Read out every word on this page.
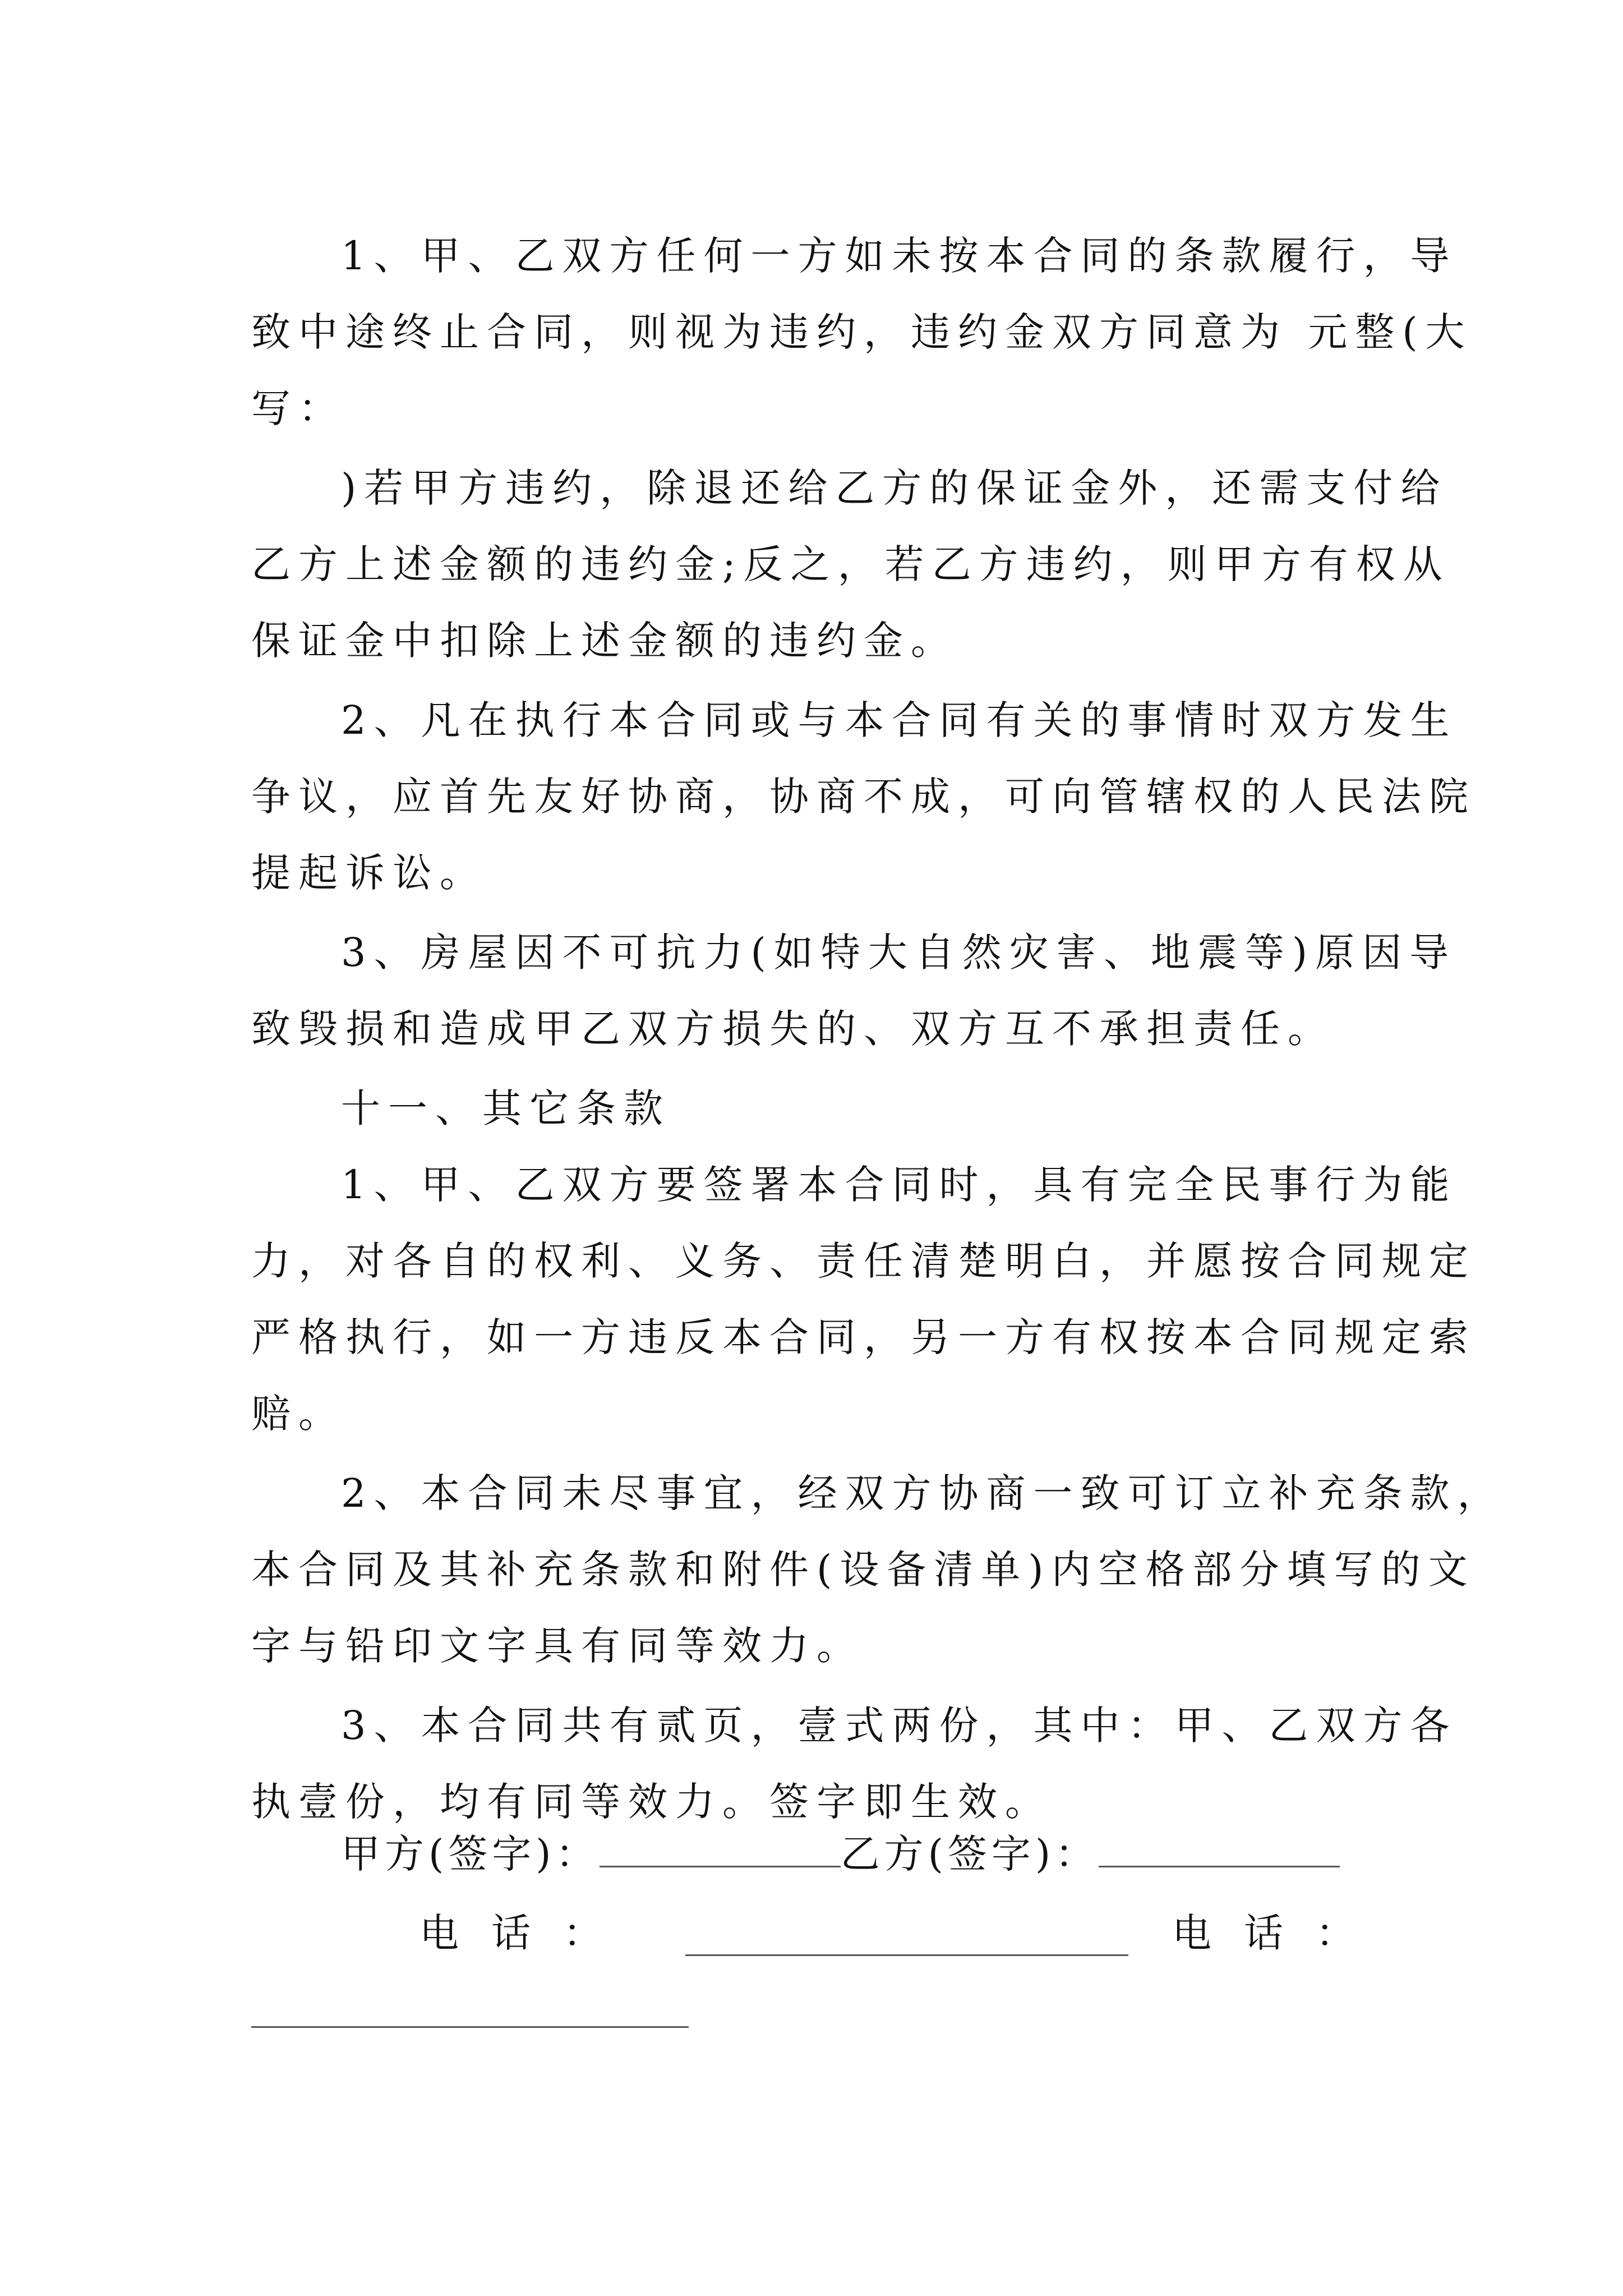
1、甲、乙双方任何一方如未按本合同的条款履行，导
致中途终止合同，则视为违约，违约金双方同意为 元整(大
写：
)若甲方违约，除退还给乙方的保证金外，还需支付给
乙方上述金额的违约金;反之，若乙方违约，则甲方有权从
保证金中扣除上述金额的违约金。
2、凡在执行本合同或与本合同有关的事情时双方发生
争议，应首先友好协商，协商不成，可向管辖权的人民法院
提起诉讼。
3、房屋因不可抗力(如特大自然灾害、地震等)原因导
致毁损和造成甲乙双方损失的、双方互不承担责任。
十一、其它条款
1、甲、乙双方要签署本合同时，具有完全民事行为能
力，对各自的权利、义务、责任清楚明白，并愿按合同规定
严格执行，如一方违反本合同，另一方有权按本合同规定索
赔。
2、本合同未尽事宜，经双方协商一致可订立补充条款，
本合同及其补充条款和附件(设备清单)内空格部分填写的文
字与铅印文字具有同等效力。
3、本合同共有贰页，壹式两份，其中：甲、乙双方各
执壹份，均有同等效力。签字即生效。
甲方(签字)：	乙方(签字)：
电话：	电话：
